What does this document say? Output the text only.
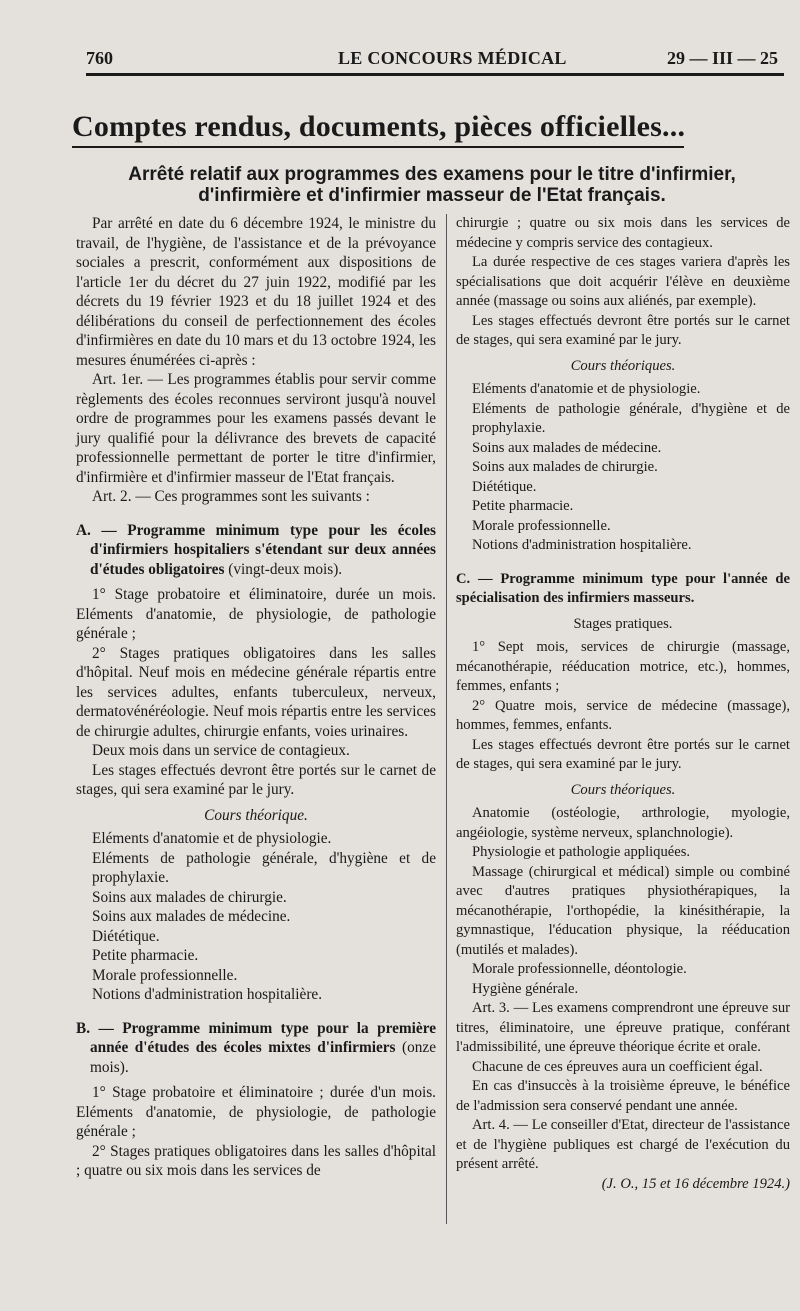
760	LE CONCOURS MÉDICAL	29 — III — 25
Comptes rendus, documents, pièces officielles...
Arrêté relatif aux programmes des examens pour le titre d'infirmier,
d'infirmière et d'infirmier masseur de l'Etat français.

Par arrêté en date du 6 décembre 1924, le ministre du travail, de l'hygiène, de l'assistance et de la prévoyance sociales a prescrit, conformément aux dispositions de l'article 1er du décret du 27 juin 1922, modifié par les décrets du 19 février 1923 et du 18 juillet 1924 et des délibérations du conseil de perfectionnement des écoles d'infirmières en date du 10 mars et du 13 octobre 1924, les mesures énumérées ci-après :

Art. 1er. — Les programmes établis pour servir comme règlements des écoles reconnues serviront jusqu'à nouvel ordre de programmes pour les examens passés devant le jury qualifié pour la délivrance des brevets de capacité professionnelle permettant de porter le titre d'infirmier, d'infirmière et d'infirmier masseur de l'Etat français.

Art. 2. — Ces programmes sont les suivants :

A. — Programme minimum type pour les écoles d'infirmiers hospitaliers s'étendant sur deux années d'études obligatoires (vingt-deux mois).

1° Stage probatoire et éliminatoire, durée un mois. Eléments d'anatomie, de physiologie, de pathologie générale ;

2° Stages pratiques obligatoires dans les salles d'hôpital. Neuf mois en médecine générale répartis entre les services adultes, enfants tuberculeux, nerveux, dermatovénéréologie. Neuf mois répartis entre les services de chirurgie adultes, chirurgie enfants, voies urinaires.

Deux mois dans un service de contagieux.

Les stages effectués devront être portés sur le carnet de stages, qui sera examiné par le jury.

Cours théorique.

Eléments d'anatomie et de physiologie.

Eléments de pathologie générale, d'hygiène et de prophylaxie.

Soins aux malades de chirurgie.

Soins aux malades de médecine.

Diététique.

Petite pharmacie.

Morale professionnelle.

Notions d'administration hospitalière.

B. — Programme minimum type pour la première année d'études des écoles mixtes d'infirmiers (onze mois).

1° Stage probatoire et éliminatoire ; durée d'un mois. Eléments d'anatomie, de physiologie, de pathologie générale ;

2° Stages pratiques obligatoires dans les salles d'hôpital ; quatre ou six mois dans les services de

chirurgie ; quatre ou six mois dans les services de médecine y compris service des contagieux.

La durée respective de ces stages variera d'après les spécialisations que doit acquérir l'élève en deuxième année (massage ou soins aux aliénés, par exemple).

Les stages effectués devront être portés sur le carnet de stages, qui sera examiné par le jury.

Cours théoriques.

Eléments d'anatomie et de physiologie.

Eléments de pathologie générale, d'hygiène et de prophylaxie.

Soins aux malades de médecine.

Soins aux malades de chirurgie.

Diététique.

Petite pharmacie.

Morale professionnelle.

Notions d'administration hospitalière.

C. — Programme minimum type pour l'année de spécialisation des infirmiers masseurs.

Stages pratiques.

1° Sept mois, services de chirurgie (massage, mécanothérapie, rééducation motrice, etc.), hommes, femmes, enfants ;

2° Quatre mois, service de médecine (massage), hommes, femmes, enfants.

Les stages effectués devront être portés sur le carnet de stages, qui sera examiné par le jury.

Cours théoriques.

Anatomie (ostéologie, arthrologie, myologie, angéiologie, système nerveux, splanchnologie).

Physiologie et pathologie appliquées.

Massage (chirurgical et médical) simple ou combiné avec d'autres pratiques physiothérapiques, la mécanothérapie, l'orthopédie, la kinésithérapie, la gymnastique, l'éducation physique, la rééducation (mutilés et malades).

Morale professionnelle, déontologie.

Hygiène générale.

Art. 3. — Les examens comprendront une épreuve sur titres, éliminatoire, une épreuve pratique, conférant l'admissibilité, une épreuve théorique écrite et orale.

Chacune de ces épreuves aura un coefficient égal.

En cas d'insuccès à la troisième épreuve, le bénéfice de l'admission sera conservé pendant une année.

Art. 4. — Le conseiller d'Etat, directeur de l'assistance et de l'hygiène publiques est chargé de l'exécution du présent arrêté.

(J. O., 15 et 16 décembre 1924.)
